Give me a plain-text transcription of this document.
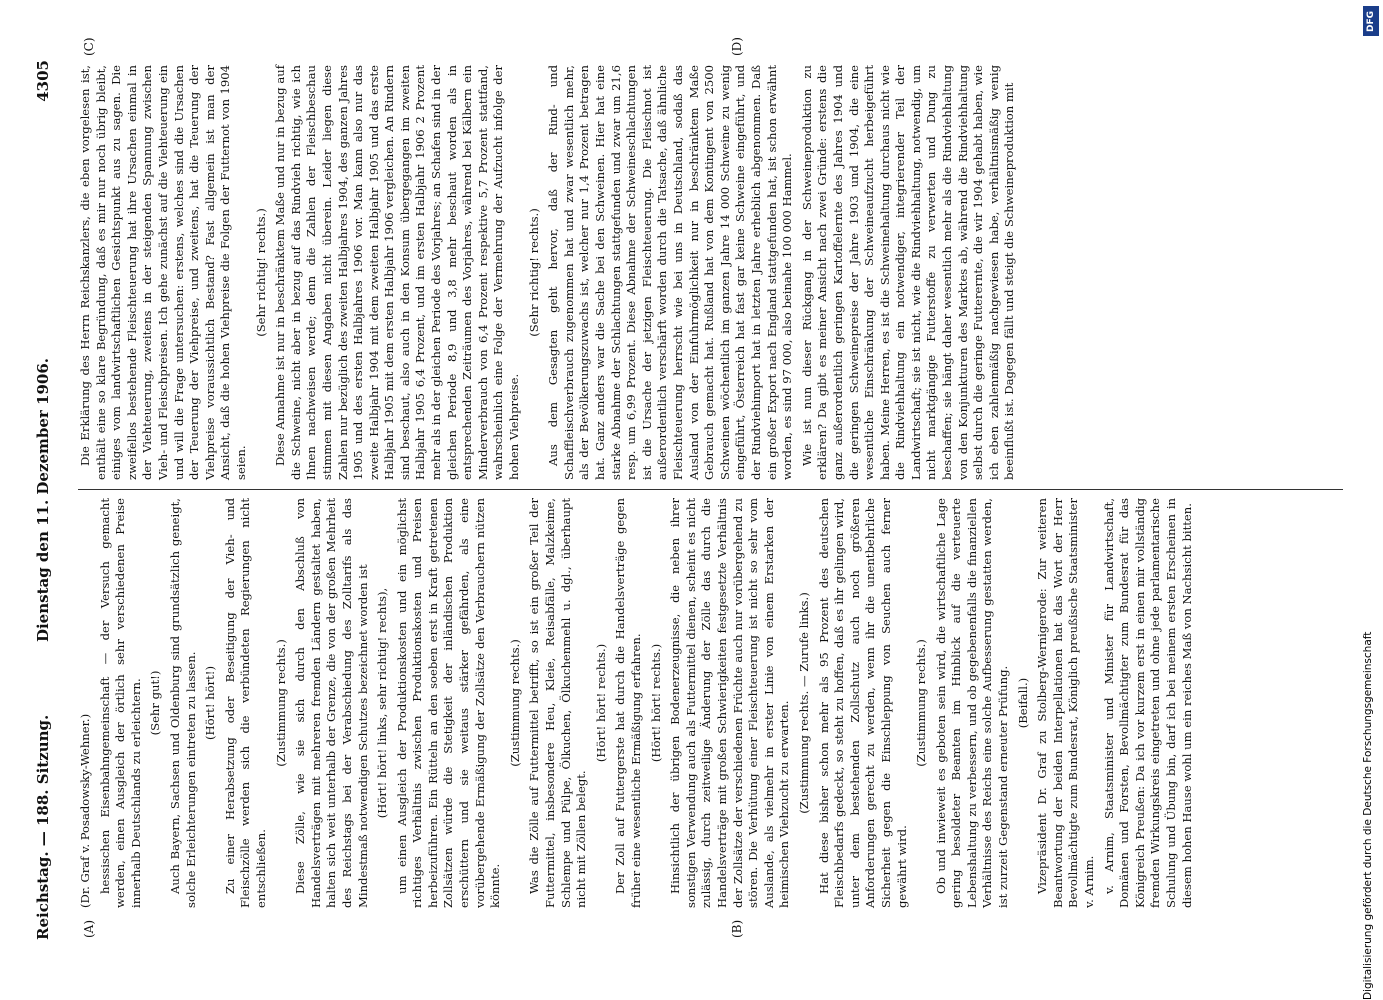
Reichstag. — 188. Sitzung.
Dienstag den 11. Dezember 1906.
4305
(A)	(B)
(C)	(D)

(Dr. Graf v. Posadowsky-Wehner.) hessischen Eisenbahngemeinschaft — der Versuch gemacht werden, einen Ausgleich der örtlich sehr verschiedenen Preise innerhalb Deutschlands zu erleichtern. (Sehr gut!) Auch Bayern, Sachsen und Oldenburg sind grundsätzlich geneigt, solche Erleichterungen eintreten zu lassen. (Hört! hört!) Zu einer Herabsetzung oder Beseitigung der Vieh- und Fleischzölle werden sich die verbündeten Regierungen nicht entschließen.

(Zustimmung rechts.) Diese Zölle, wie sie sich durch den Abschluß von Handelsverträgen mit mehreren fremden Ländern gestaltet haben, halten sich weit unterhalb der Grenze, die von der großen Mehrheit des Reichstags bei der Verabschiedung des Zolltarifs als das Mindestmaß notwendigen Schutzes bezeichnet worden ist (Hört! hört! links, sehr richtig! rechts), um einen Ausgleich der Produktionskosten und ein möglichst richtiges Verhältnis zwischen Produktionskosten und Preisen herbeizuführen. Ein Rütteln an den soeben erst in Kraft getretenen Zollsätzen würde die Stetigkeit der inländischen Produktion erschüttern und sie weitaus stärker gefährden, als eine vorübergehende Ermäßigung der Zollsätze den Verbrauchern nützen könnte.

(Zustimmung rechts.) Was die Zölle auf Futtermittel betrifft, so ist ein großer Teil der Futtermittel, insbesondere Heu, Kleie, Reisabfälle, Malzkeime, Schlempe und Pülpe, Ölkuchen, Ölkuchenmehl u. dgl., überhaupt nicht mit Zöllen belegt.

(Hört! hört! rechts.) Der Zoll auf Futtergerste hat durch die Handelsverträge gegen früher eine wesentliche Ermäßigung erfahren. (Hört! hört! rechts.) Hinsichtlich der übrigen Bodenerzeugnisse, die neben ihrer sonstigen Verwendung auch als Futtermittel dienen, scheint es nicht zulässig, durch zeitweilige Änderung der Zölle das durch die Handelsverträge mit großen Schwierigkeiten festgesetzte Verhältnis der Zollsätze der verschiedenen Früchte auch nur vorübergehend zu stören. Die Verhütung einer Fleischteuerung ist nicht so sehr vom Auslande, als vielmehr in erster Linie von einem Erstarken der heimischen Viehzucht zu erwarten. (Zustimmung rechts. — Zurufe links.) Hat diese bisher schon mehr als 95 Prozent des deutschen Fleischbedarfs gedeckt, so steht zu hoffen, daß es ihr gelingen wird, unter dem bestehenden Zollschutz auch noch größeren Anforderungen gerecht zu werden, wenn ihr die unentbehrliche Sicherheit gegen die Einschleppung von Seuchen auch ferner gewährt wird.

(Zustimmung rechts.) Ob und inwieweit es geboten sein wird, die wirtschaftliche Lage gering besoldeter Beamten im Hinblick auf die verteuerte Lebenshaltung zu verbessern, und ob gegebenenfalls die finanziellen Verhältnisse des Reichs eine solche Aufbesserung gestatten werden, ist zurzeit Gegenstand erneuter Prüfung. (Beifall.) Vizepräsident Dr. Graf zu Stolberg-Wernigerode: Zur weiteren Beantwortung der beiden Interpellationen hat das Wort der Herr Bevollmächtigte zum Bundesrat, Königlich preußische Staatsminister v. Arnim. v. Arnim, Staatsminister und Minister für Landwirtschaft, Domänen und Forsten, Bevollmächtigter zum Bundesrat für das Königreich Preußen: Da ich vor kurzem erst in einen mir vollständig fremden Wirkungskreis eingetreten und ohne jede parlamentarische Schulung und Übung bin, darf ich bei meinem ersten Erscheinen in diesem hohen Hause wohl um ein reiches Maß von Nachsicht bitten.

Die Erklärung des Herrn Reichskanzlers, die eben vorgelesen ist, enthält eine so klare Begründung, daß es mir nur noch übrig bleibt, einiges vom landwirtschaftlichen Gesichtspunkt aus zu sagen. Die zweifellos bestehende Fleischteuerung hat ihre Ursachen einmal in der Viehteuerung, zweitens in der steigenden Spannung zwischen Vieh- und Fleischpreisen. Ich gehe zunächst auf die Viehteuerung ein und will die Frage untersuchen: erstens, welches sind die Ursachen der Teuerung der Viehpreise, und zweitens, hat die Teuerung der Viehpreise voraussichtlich Bestand? Fast allgemein ist man der Ansicht, daß die hohen Viehpreise die Folgen der Futternot von 1904 seien.

(Sehr richtig! rechts.) Diese Annahme ist nur in beschränktem Maße und nur in bezug auf die Schweine, nicht aber in bezug auf das Rindvieh richtig, wie ich Ihnen nachweisen werde; denn die Zahlen der Fleischbeschau stimmen mit diesen Angaben nicht überein. Leider liegen diese Zahlen nur bezüglich des zweiten Halbjahres 1904, des ganzen Jahres 1905 und des ersten Halbjahres 1906 vor. Man kann also nur das zweite Halbjahr 1904 mit dem zweiten Halbjahr 1905 und das erste Halbjahr 1905 mit dem ersten Halbjahr 1906 vergleichen. An Rindern sind beschaut, also auch in den Konsum übergegangen im zweiten Halbjahr 1905 6,4 Prozent, und im ersten Halbjahr 1906 2 Prozent mehr als in der gleichen Periode des Vorjahres; an Schafen sind in der gleichen Periode 8,9 und 3,8 mehr beschaut worden als in entsprechenden Zeiträumen des Vorjahres, während bei Kälbern ein Minderverbrauch von 6,4 Prozent respektive 5,7 Prozent stattfand, wahrscheinlich eine Folge der Vermehrung der Aufzucht infolge der hohen Viehpreise.

(Sehr richtig! rechts.) Aus dem Gesagten geht hervor, daß der Rind- und Schaffleischverbrauch zugenommen hat und zwar wesentlich mehr, als der Bevölkerungszuwachs ist, welcher nur 1,4 Prozent betragen hat. Ganz anders war die Sache bei den Schweinen. Hier hat eine starke Abnahme der Schlachtungen stattgefunden und zwar um 21,6 resp. um 6,99 Prozent. Diese Abnahme der Schweineschlachtungen ist die Ursache der jetzigen Fleischteuerung. Die Fleischnot ist außerordentlich verschärft worden durch die Tatsache, daß ähnliche Fleischteuerung herrscht wie bei uns in Deutschland, sodaß das Ausland von der Einfuhrmöglichkeit nur in beschränktem Maße Gebrauch gemacht hat. Rußland hat von dem Kontingent von 2500 Schweinen wöchentlich im ganzen Jahre 14 000 Schweine zu wenig eingeführt, Österreich hat fast gar keine Schweine eingeführt, und der Rindviehimport hat in letzten Jahre erheblich abgenommen. Daß ein großer Export nach England stattgefunden hat, ist schon erwähnt worden, es sind 97 000, also beinahe 100 000 Hammel. Wie ist nun dieser Rückgang in der Schweineproduktion zu erklären? Da gibt es meiner Ansicht nach zwei Gründe: erstens die ganz außerordentlich geringen Kartoffelernte des Jahres 1904 und die geringen Schweinepreise der Jahre 1903 und 1904, die eine wesentliche Einschränkung der Schweineaufzucht herbeigeführt haben. Meine Herren, es ist die Schweinehaltung durchaus nicht wie die Rindviehhaltung ein notwendiger, integrierender Teil der Landwirtschaft; sie ist nicht, wie die Rindviehhaltung, notwendig, um nicht marktgängige Futterstoffe zu verwerten und Dung zu beschaffen; sie hängt daher wesentlich mehr als die Rindviehhaltung von den Konjunkturen des Marktes ab, während die Rindviehhaltung selbst durch die geringe Futterernte, die wir 1904 gehabt haben, wie ich eben zahlenmäßig nachgewiesen habe, verhältnismäßig wenig beeinflußt ist. Dagegen fällt und steigt die Schweineproduktion mit

DFG
Digitalisierung gefördert durch die Deutsche Forschungsgemeinschaft
